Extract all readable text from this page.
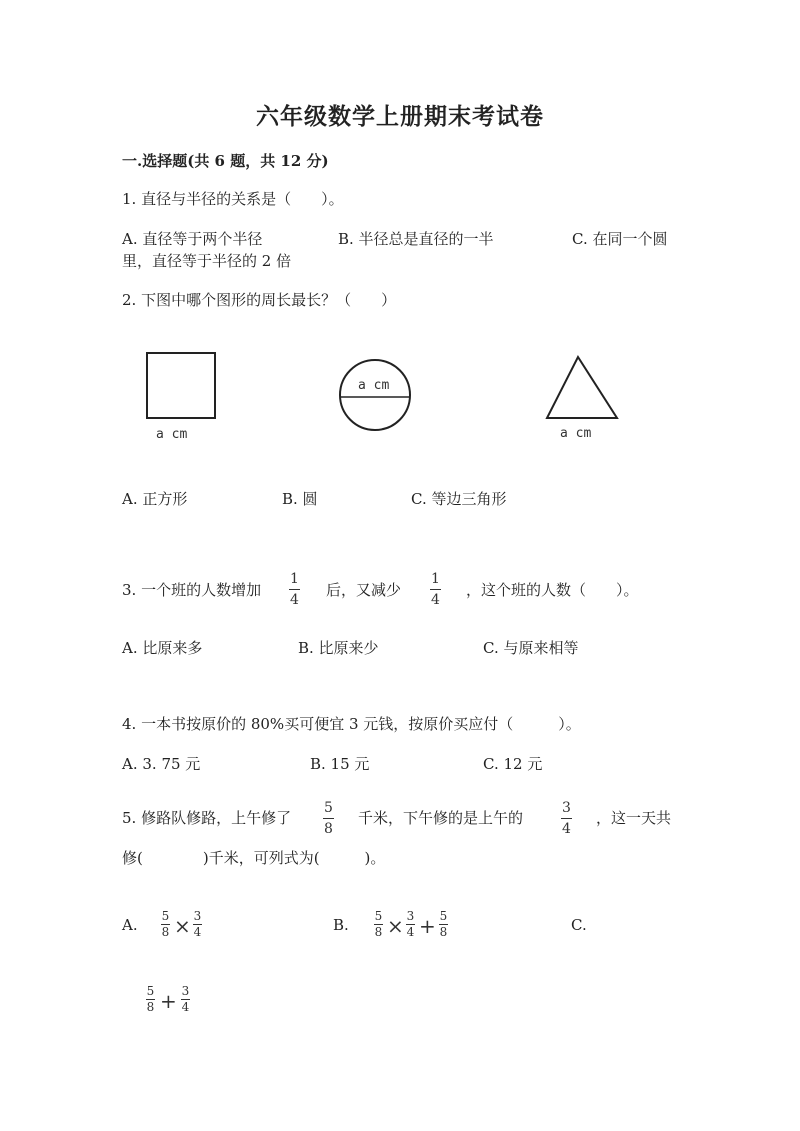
六年级数学上册期末考试卷
一.选择题(共 6 题，共 12 分)
1. 直径与半径的关系是（　　）。
A. 直径等于两个半径	B. 半径总是直径的一半	C. 在同一个圆
里，直径等于半径的 2 倍
2. 下图中哪个图形的周长最长？（　　）
a cm
a cm
a cm
A. 正方形	B. 圆	C. 等边三角形
3. 一个班的人数增加
1
4
后，又减少
1
4
，这个班的人数（　　）。
A. 比原来多	B. 比原来少	C. 与原来相等
4. 一本书按原价的 80%买可便宜 3 元钱，按原价买应付（　　　）。
A. 3. 75 元	B. 15 元	C. 12 元
5. 修路队修路，上午修了
5
8
千米，下午修的是上午的
3
4
，这一天共
修(　　　　)千米，可列式为(　　　)。
A. 5
8 × 3
4	B. 5
8 × 3
4 + 5
8	C.
5
8 + 3
4
